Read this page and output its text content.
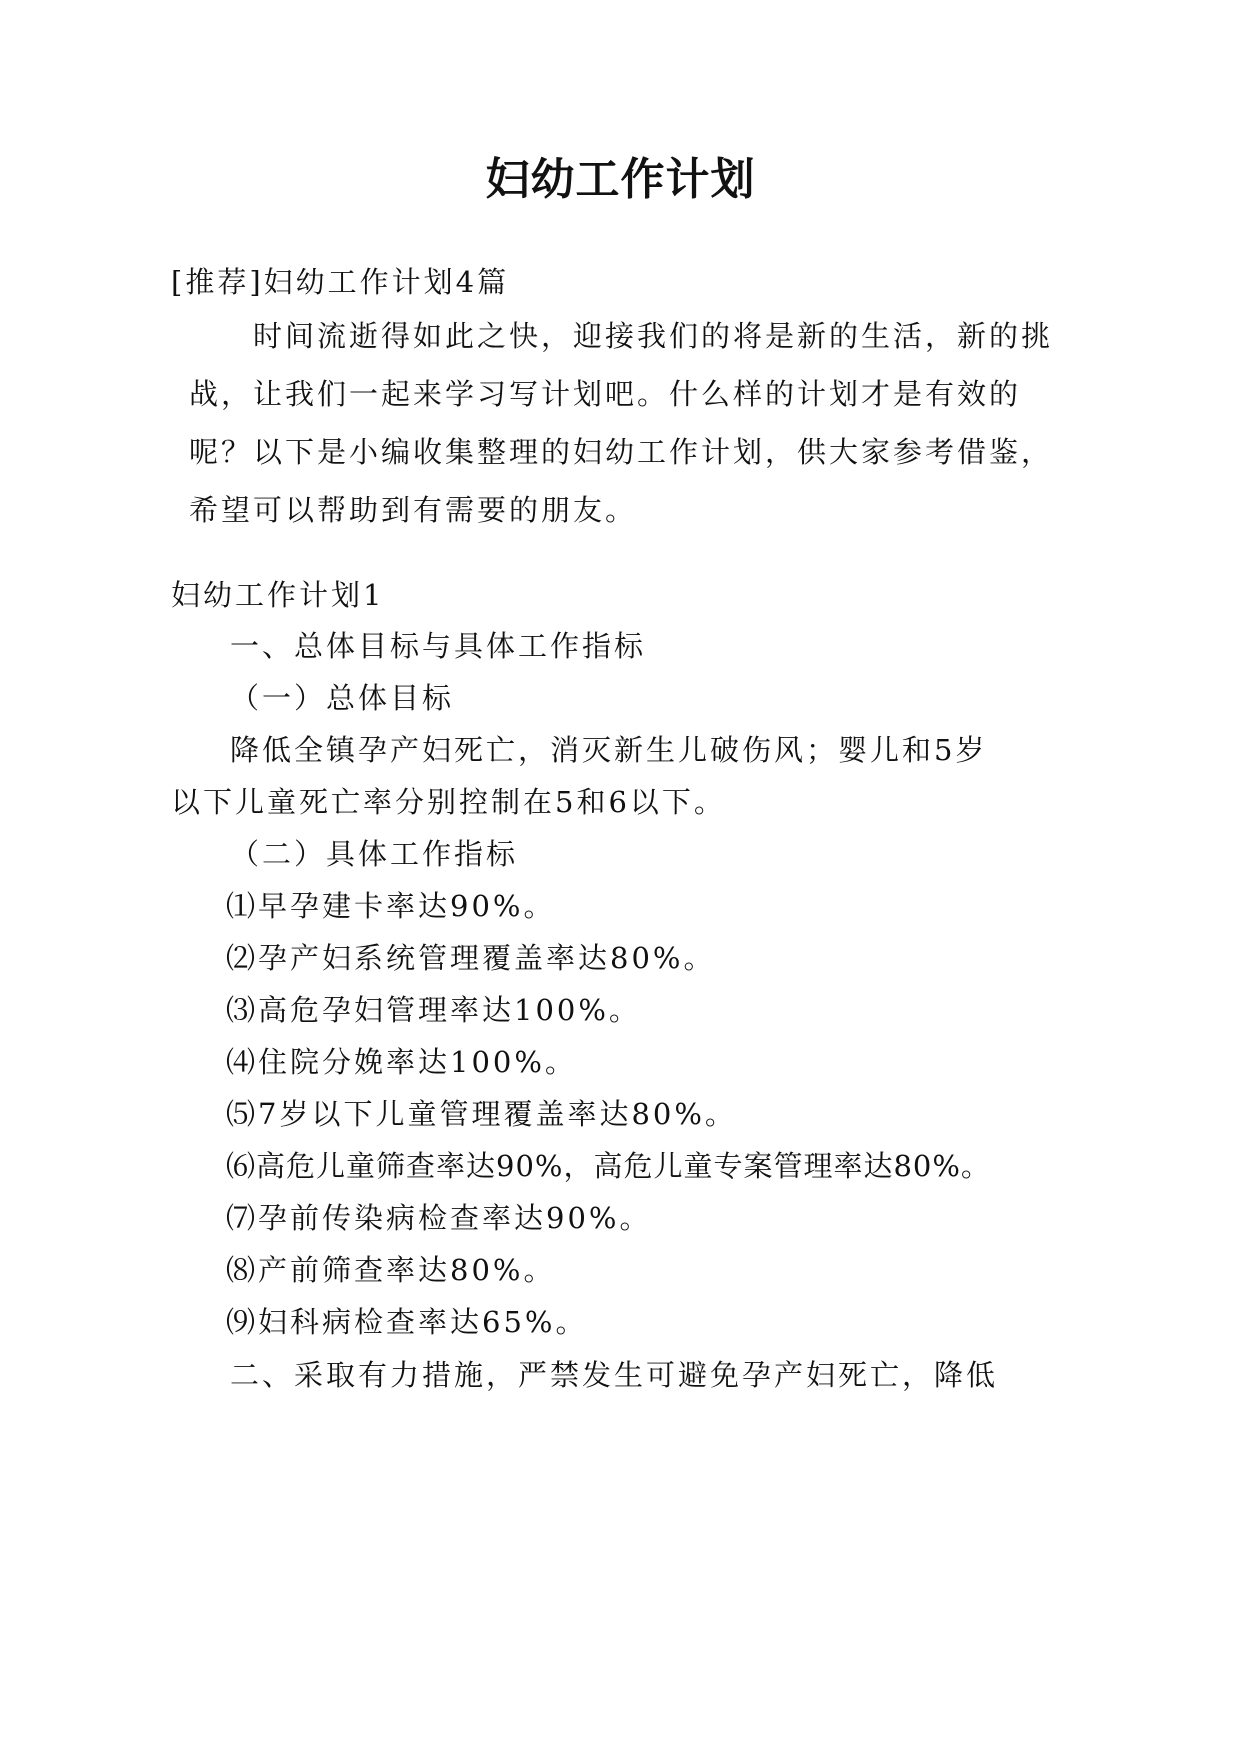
妇幼工作计划
[推荐]妇幼工作计划4篇
时间流逝得如此之快，迎接我们的将是新的生活，新的挑战，让我们一起来学习写计划吧。什么样的计划才是有效的呢？以下是小编收集整理的妇幼工作计划，供大家参考借鉴，希望可以帮助到有需要的朋友。
妇幼工作计划1
一、总体目标与具体工作指标
（一）总体目标
降低全镇孕产妇死亡，消灭新生儿破伤风；婴儿和5岁
以下儿童死亡率分别控制在5和6以下。
（二）具体工作指标
⑴早孕建卡率达90%。
⑵孕产妇系统管理覆盖率达80%。
⑶高危孕妇管理率达100%。
⑷住院分娩率达100%。
⑸7岁以下儿童管理覆盖率达80%。
⑹高危儿童筛查率达90%，高危儿童专案管理率达80%。
⑺孕前传染病检查率达90%。
⑻产前筛查率达80%。
⑼妇科病检查率达65%。
二、采取有力措施，严禁发生可避免孕产妇死亡，降低
